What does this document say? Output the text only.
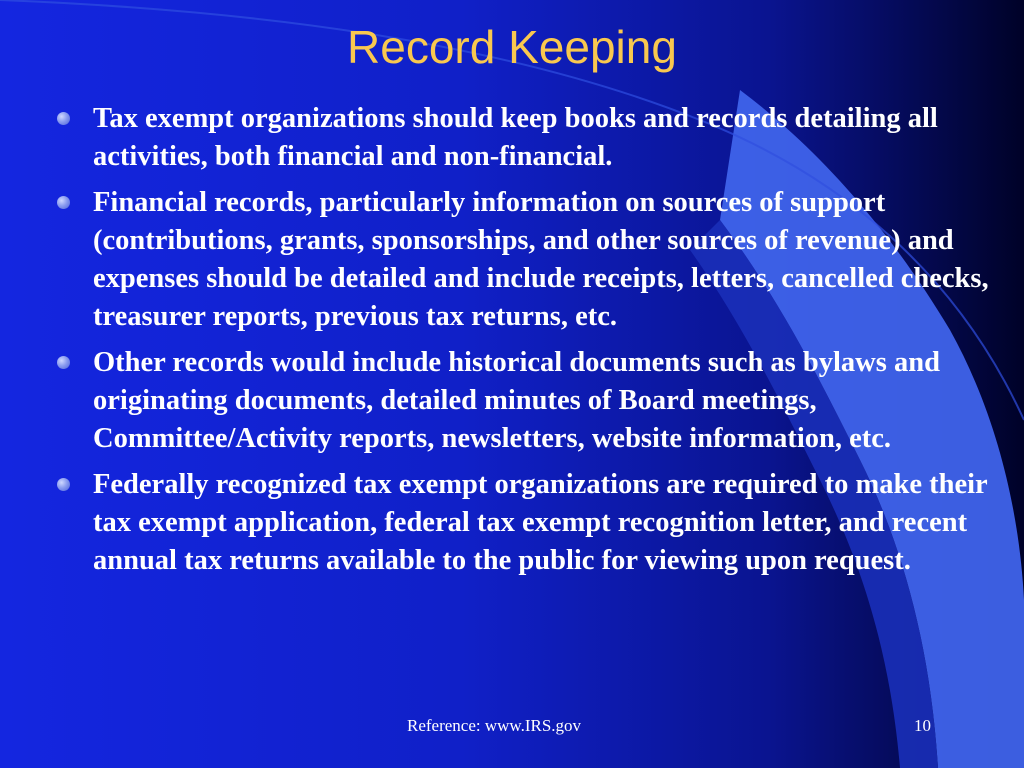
Record Keeping
Tax exempt organizations should keep books and records detailing all activities, both financial and non-financial.
Financial records, particularly information on sources of support (contributions, grants, sponsorships, and other sources of revenue) and expenses should be detailed and include receipts, letters, cancelled checks, treasurer reports, previous tax returns, etc.
Other records would include historical documents such as bylaws and originating documents, detailed minutes of Board meetings, Committee/Activity reports, newsletters, website information, etc.
Federally recognized tax exempt organizations are required to make their tax exempt application, federal tax exempt recognition letter, and recent annual tax returns available to the public for viewing upon request.
Reference: www.IRS.gov	10
